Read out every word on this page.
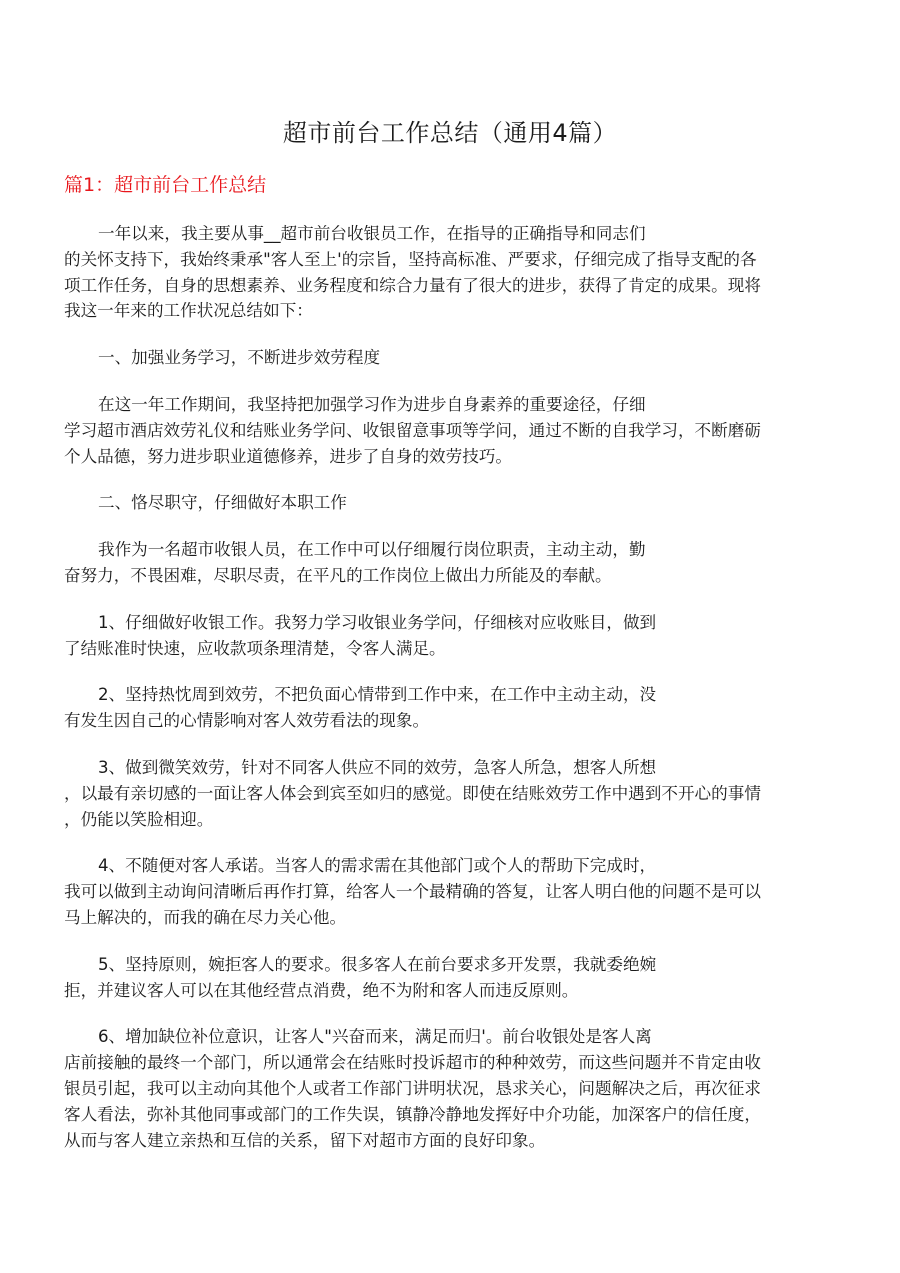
超市前台工作总结（通用4篇）
篇1：超市前台工作总结
一年以来，我主要从事__超市前台收银员工作，在指导的正确指导和同志们
的关怀支持下，我始终秉承"客人至上'的宗旨，坚持高标准、严要求，仔细完成了指导支配的各
项工作任务，自身的思想素养、业务程度和综合力量有了很大的进步，获得了肯定的成果。现将
我这一年来的工作状况总结如下：
一、加强业务学习，不断进步效劳程度
在这一年工作期间，我坚持把加强学习作为进步自身素养的重要途径，仔细
学习超市酒店效劳礼仪和结账业务学问、收银留意事项等学问，通过不断的自我学习，不断磨砺
个人品德，努力进步职业道德修养，进步了自身的效劳技巧。
二、恪尽职守，仔细做好本职工作
我作为一名超市收银人员，在工作中可以仔细履行岗位职责，主动主动，勤
奋努力，不畏困难，尽职尽责，在平凡的工作岗位上做出力所能及的奉献。
1、仔细做好收银工作。我努力学习收银业务学问，仔细核对应收账目，做到
了结账准时快速，应收款项条理清楚，令客人满足。
2、坚持热忱周到效劳，不把负面心情带到工作中来，在工作中主动主动，没
有发生因自己的心情影响对客人效劳看法的现象。
3、做到微笑效劳，针对不同客人供应不同的效劳，急客人所急，想客人所想
，以最有亲切感的一面让客人体会到宾至如归的感觉。即使在结账效劳工作中遇到不开心的事情
，仍能以笑脸相迎。
4、不随便对客人承诺。当客人的需求需在其他部门或个人的帮助下完成时，
我可以做到主动询问清晰后再作打算，给客人一个最精确的答复，让客人明白他的问题不是可以
马上解决的，而我的确在尽力关心他。
5、坚持原则，婉拒客人的要求。很多客人在前台要求多开发票，我就委绝婉
拒，并建议客人可以在其他经营点消费，绝不为附和客人而违反原则。
6、增加缺位补位意识，让客人"兴奋而来，满足而归'。前台收银处是客人离
店前接触的最终一个部门，所以通常会在结账时投诉超市的种种效劳，而这些问题并不肯定由收
银员引起，我可以主动向其他个人或者工作部门讲明状况，恳求关心，问题解决之后，再次征求
客人看法，弥补其他同事或部门的工作失误，镇静冷静地发挥好中介功能，加深客户的信任度，
从而与客人建立亲热和互信的关系，留下对超市方面的良好印象。
